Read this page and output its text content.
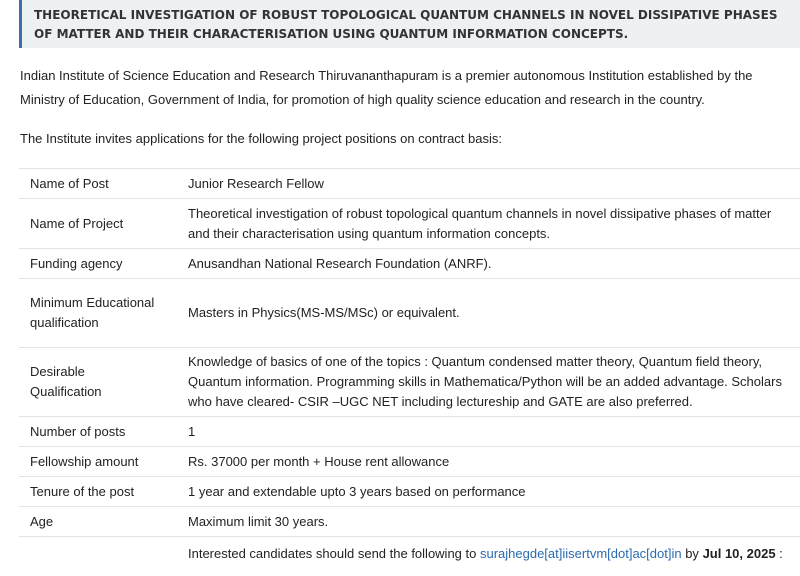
THEORETICAL INVESTIGATION OF ROBUST TOPOLOGICAL QUANTUM CHANNELS IN NOVEL DISSIPATIVE PHASES OF MATTER AND THEIR CHARACTERISATION USING QUANTUM INFORMATION CONCEPTS.
Indian Institute of Science Education and Research Thiruvananthapuram is a premier autonomous Institution established by the Ministry of Education, Government of India, for promotion of high quality science education and research in the country.
The Institute invites applications for the following project positions on contract basis:
Name of Post	Junior Research Fellow
Name of Project	Theoretical investigation of robust topological quantum channels in novel dissipative phases of matter and their characterisation using quantum information concepts.
Funding agency	Anusandhan National Research Foundation (ANRF).
Minimum Educational qualification	Masters in Physics(MS-MS/MSc) or equivalent.
Desirable Qualification	Knowledge of basics of one of the topics : Quantum condensed matter theory, Quantum field theory, Quantum information. Programming skills in Mathematica/Python will be an added advantage. Scholars who have cleared- CSIR –UGC NET including lectureship and GATE are also preferred.
Number of posts	1
Fellowship amount	Rs. 37000 per month + House rent allowance
Tenure of the post	1 year and extendable upto 3 years based on performance
Age	Maximum limit 30 years.
	Interested candidates should send the following to surajhegde[at]iisertvm[dot]ac[dot]in by Jul 10, 2025 :
